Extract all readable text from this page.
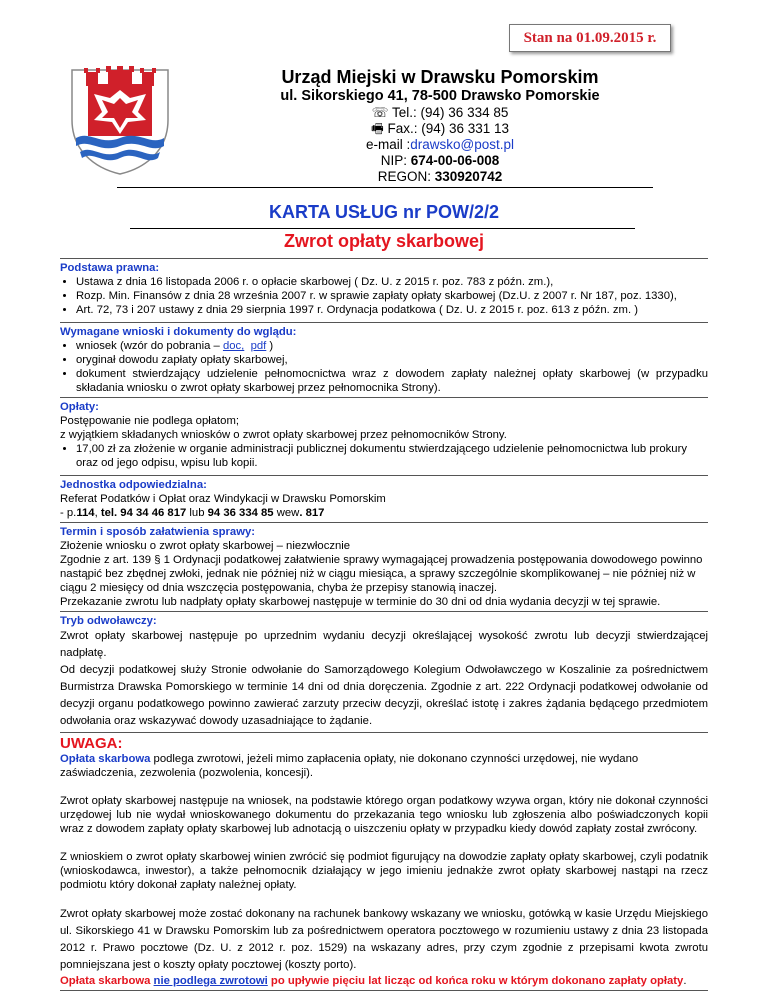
Stan na 01.09.2015 r.
Urząd Miejski w Drawsku Pomorskim
ul. Sikorskiego 41, 78-500 Drawsko Pomorskie
☏ Tel.: (94) 36 334 85
🖷 Fax.: (94) 36 331 13
e-mail :drawsko@post.pl
NIP: 674-00-06-008
REGON: 330920742
KARTA USŁUG nr POW/2/2
Zwrot opłaty skarbowej
Podstawa prawna:
• Ustawa z dnia 16 listopada 2006 r. o opłacie skarbowej ( Dz. U. z 2015 r. poz. 783 z późn. zm.),
• Rozp. Min. Finansów z dnia 28 września 2007 r. w sprawie zapłaty opłaty skarbowej (Dz.U. z 2007 r. Nr 187, poz. 1330),
• Art. 72, 73 i 207 ustawy z dnia 29 sierpnia 1997 r. Ordynacja podatkowa ( Dz. U. z 2015 r. poz. 613 z późn. zm. )
Wymagane wnioski i dokumenty do wglądu:
• wniosek (wzór do pobrania – doc, pdf )
• oryginał dowodu zapłaty opłaty skarbowej,
• dokument stwierdzający udzielenie pełnomocnictwa wraz z dowodem zapłaty należnej opłaty skarbowej (w przypadku składania wniosku o zwrot opłaty skarbowej przez pełnomocnika Strony).
Opłaty:

Postępowanie nie podlega opłatom;

z wyjątkiem składanych wniosków o zwrot opłaty skarbowej przez pełnomocników Strony.

• 17,00 zł za złożenie w organie administracji publicznej dokumentu stwierdzającego udzielenie pełnomocnictwa lub prokury oraz od jego odpisu, wpisu lub kopii.
Jednostka odpowiedzialna:

Referat Podatków i Opłat oraz Windykacji w Drawsku Pomorskim

- p.114, tel. 94 34 46 817 lub 94 36 334 85 wew. 817

Termin i sposób załatwienia sprawy:

Złożenie wniosku o zwrot opłaty skarbowej – niezwłocznie

Zgodnie z art. 139 § 1 Ordynacji podatkowej załatwienie sprawy wymagającej prowadzenia postępowania dowodowego powinno nastąpić bez zbędnej zwłoki, jednak nie później niż w ciągu miesiąca, a sprawy szczególnie skomplikowanej – nie później niż w ciągu 2 miesięcy od dnia wszczęcia postępowania, chyba że przepisy stanowią inaczej.

Przekazanie zwrotu lub nadpłaty opłaty skarbowej następuje w terminie do 30 dni od dnia wydania decyzji w tej sprawie.

Tryb odwoławczy:

Zwrot opłaty skarbowej następuje po uprzednim wydaniu decyzji określającej wysokość zwrotu lub decyzji stwierdzającej nadpłatę.

Od decyzji podatkowej służy Stronie odwołanie do Samorządowego Kolegium Odwoławczego w Koszalinie za pośrednictwem Burmistrza Drawska Pomorskiego w terminie 14 dni od dnia doręczenia. Zgodnie z art. 222 Ordynacji podatkowej odwołanie od decyzji organu podatkowego powinno zawierać zarzuty przeciw decyzji, określać istotę i zakres żądania będącego przedmiotem odwołania oraz wskazywać dowody uzasadniające to żądanie.

UWAGA:

Opłata skarbowa podlega zwrotowi, jeżeli mimo zapłacenia opłaty, nie dokonano czynności urzędowej, nie wydano zaświadczenia, zezwolenia (pozwolenia, koncesji).

Zwrot opłaty skarbowej następuje na wniosek, na podstawie którego organ podatkowy wzywa organ, który nie dokonał czynności urzędowej lub nie wydał wnioskowanego dokumentu do przekazania tego wniosku lub zgłoszenia albo poświadczonych kopii wraz z dowodem zapłaty opłaty skarbowej lub adnotacją o uiszczeniu opłaty w przypadku kiedy dowód zapłaty został zwrócony.

Z wnioskiem o zwrot opłaty skarbowej winien zwrócić się podmiot figurujący na dowodzie zapłaty opłaty skarbowej, czyli podatnik (wnioskodawca, inwestor), a także pełnomocnik działający w jego imieniu jednakże zwrot opłaty skarbowej nastąpi na rzecz podmiotu który dokonał zapłaty należnej opłaty.

Zwrot opłaty skarbowej może zostać dokonany na rachunek bankowy wskazany we wniosku, gotówką w kasie Urzędu Miejskiego ul. Sikorskiego 41 w Drawsku Pomorskim lub za pośrednictwem operatora pocztowego w rozumieniu ustawy z dnia 23 listopada 2012 r. Prawo pocztowe (Dz. U. z 2012 r. poz. 1529) na wskazany adres, przy czym zgodnie z przepisami kwota zwrotu pomniejszana jest o koszty opłaty pocztowej (koszty porto).

Opłata skarbowa nie podlega zwrotowi po upływie pięciu lat licząc od końca roku w którym dokonano zapłaty opłaty.
